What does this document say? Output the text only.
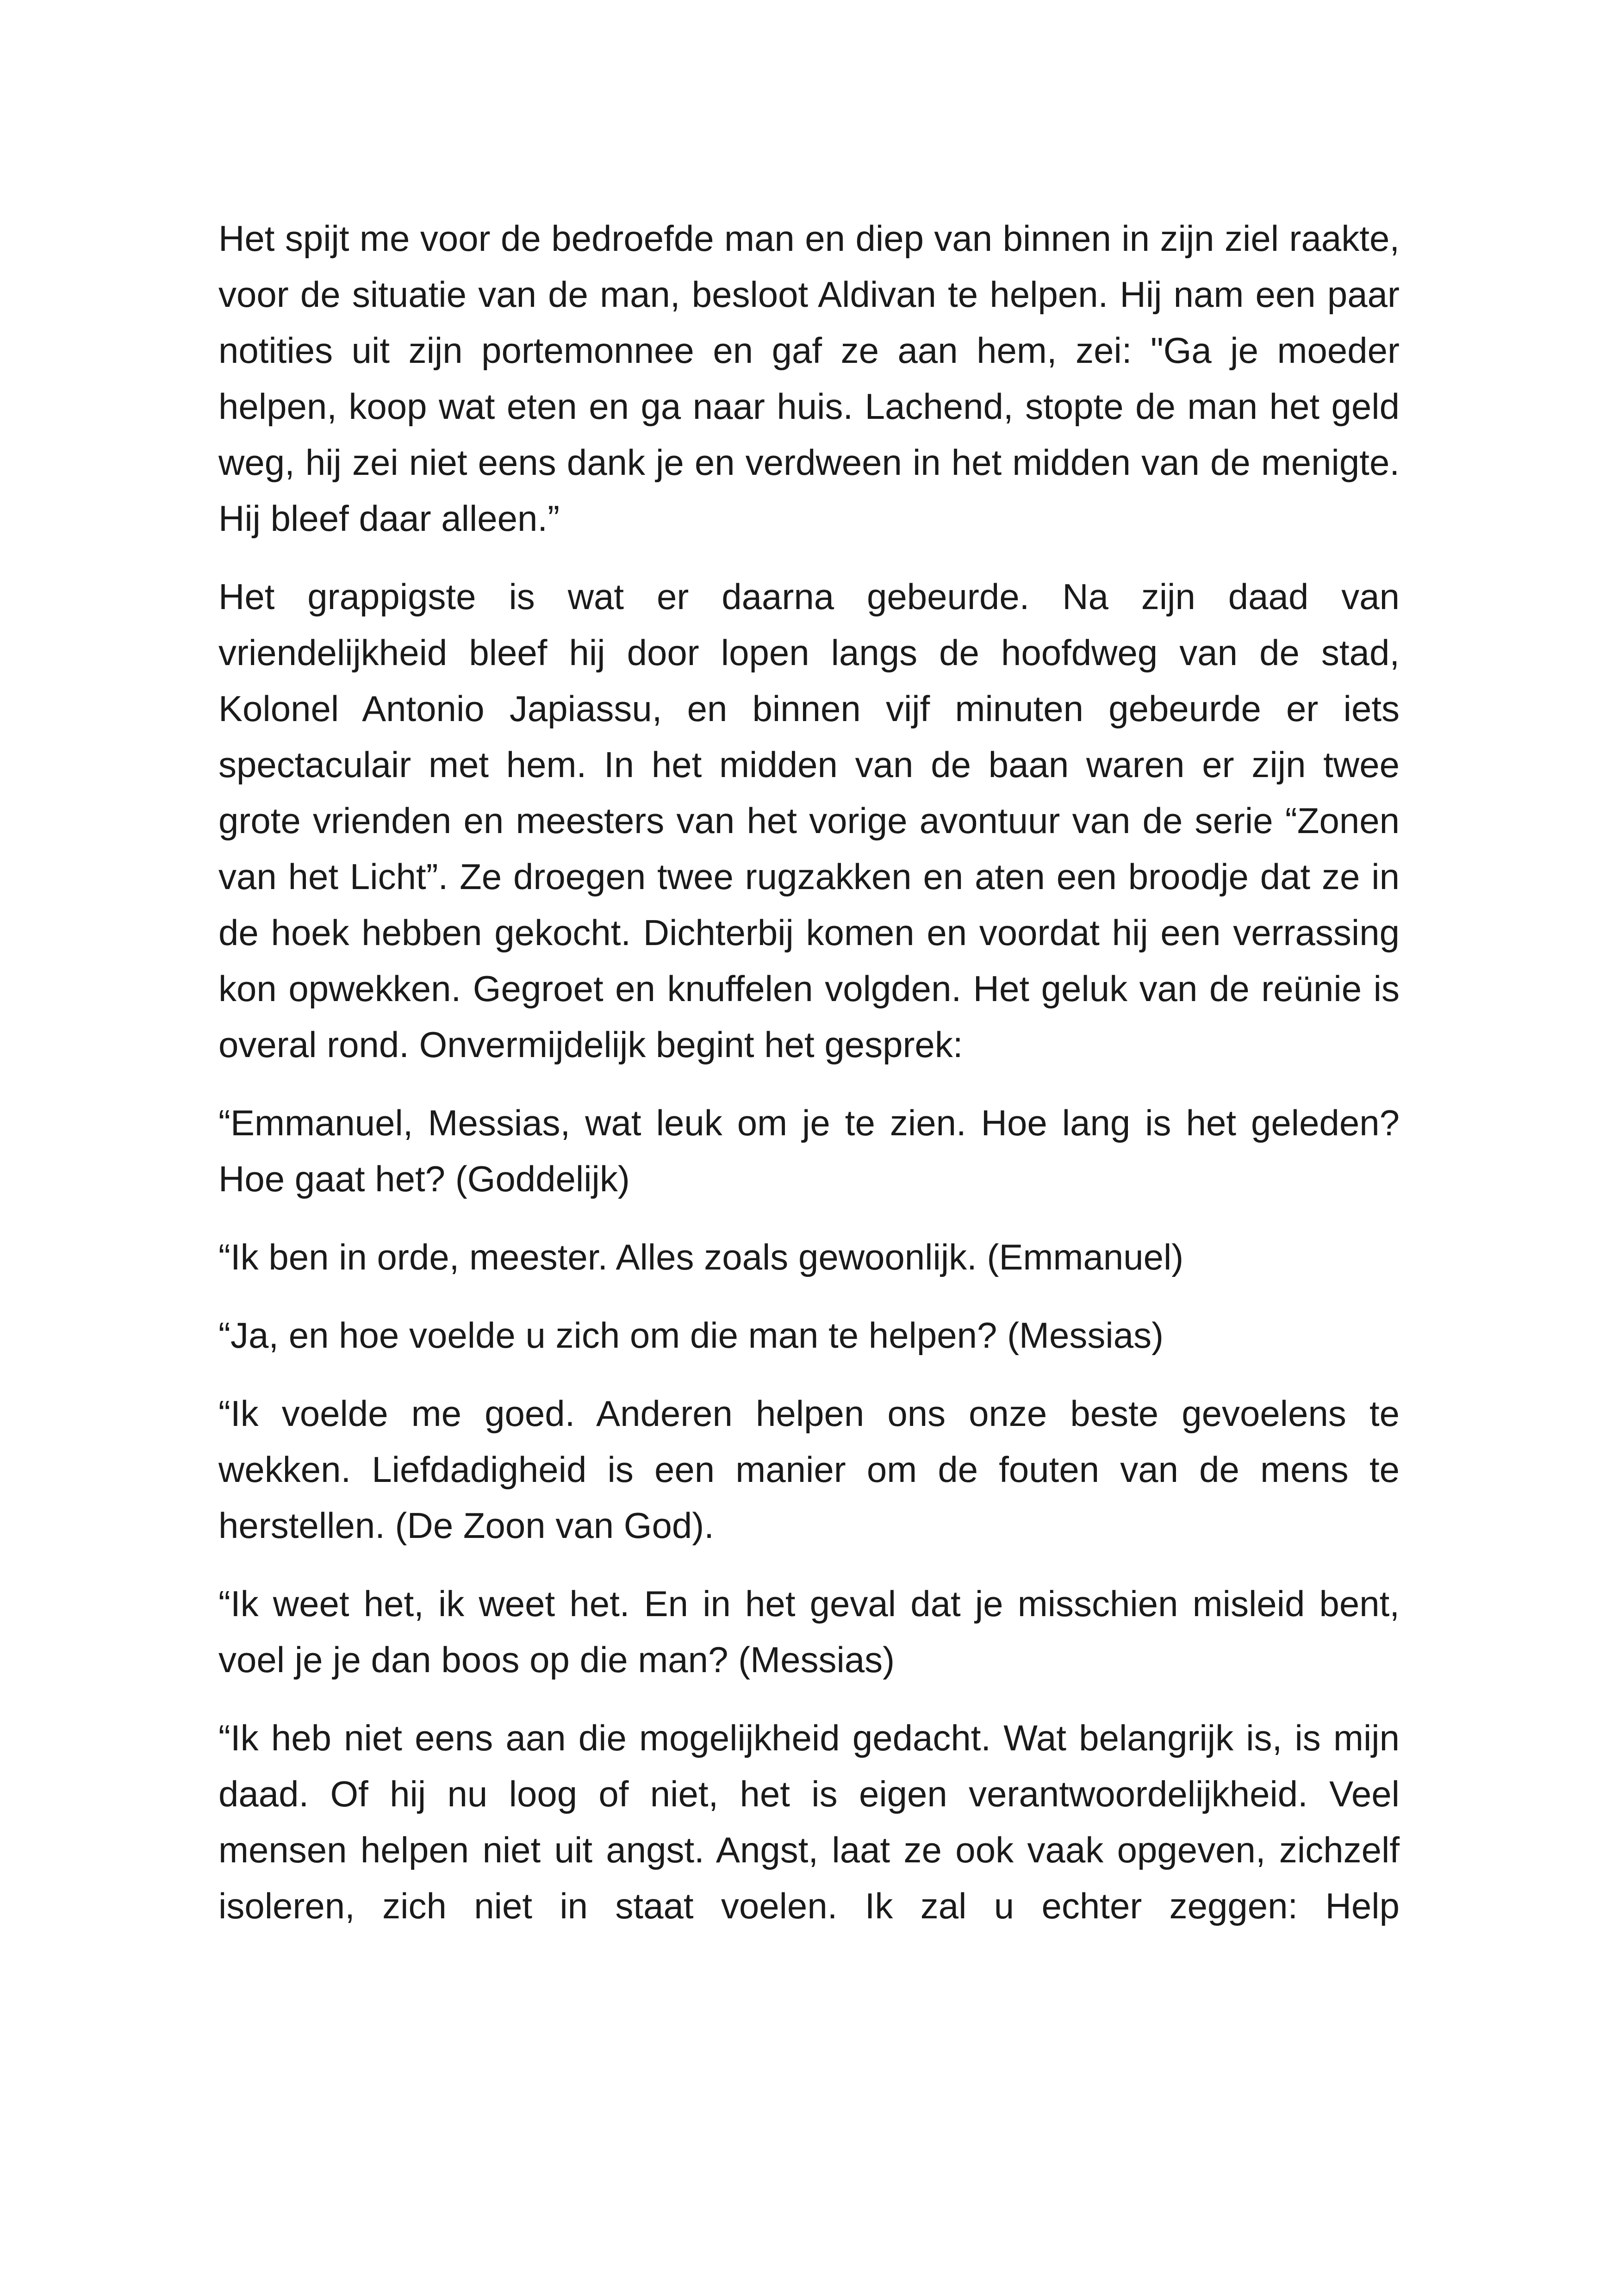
Het spijt me voor de bedroefde man en diep van binnen in zijn ziel raakte, voor de situatie van de man, besloot Aldivan te helpen. Hij nam een paar notities uit zijn portemonnee en gaf ze aan hem, zei: "Ga je moeder helpen, koop wat eten en ga naar huis. Lachend, stopte de man het geld weg, hij zei niet eens dank je en verdween in het midden van de menigte. Hij bleef daar alleen.”

Het grappigste is wat er daarna gebeurde. Na zijn daad van vriendelijkheid bleef hij door lopen langs de hoofdweg van de stad, Kolonel Antonio Japiassu, en binnen vijf minuten gebeurde er iets spectaculair met hem. In het midden van de baan waren er zijn twee grote vrienden en meesters van het vorige avontuur van de serie “Zonen van het Licht”. Ze droegen twee rugzakken en aten een broodje dat ze in de hoek hebben gekocht. Dichterbij komen en voordat hij een verrassing kon opwekken. Gegroet en knuffelen volgden. Het geluk van de reünie is overal rond. Onvermijdelijk begint het gesprek:

“Emmanuel, Messias, wat leuk om je te zien. Hoe lang is het geleden? Hoe gaat het? (Goddelijk)

“Ik ben in orde, meester. Alles zoals gewoonlijk. (Emmanuel)

“Ja, en hoe voelde u zich om die man te helpen? (Messias)

“Ik voelde me goed. Anderen helpen ons onze beste gevoelens te wekken. Liefdadigheid is een manier om de fouten van de mens te herstellen. (De Zoon van God).

“Ik weet het, ik weet het. En in het geval dat je misschien misleid bent, voel je je dan boos op die man? (Messias)

“Ik heb niet eens aan die mogelijkheid gedacht. Wat belangrijk is, is mijn daad. Of hij nu loog of niet, het is eigen verantwoordelijkheid. Veel mensen helpen niet uit angst. Angst, laat ze ook vaak opgeven, zichzelf isoleren, zich niet in staat voelen. Ik zal u echter zeggen: Help
